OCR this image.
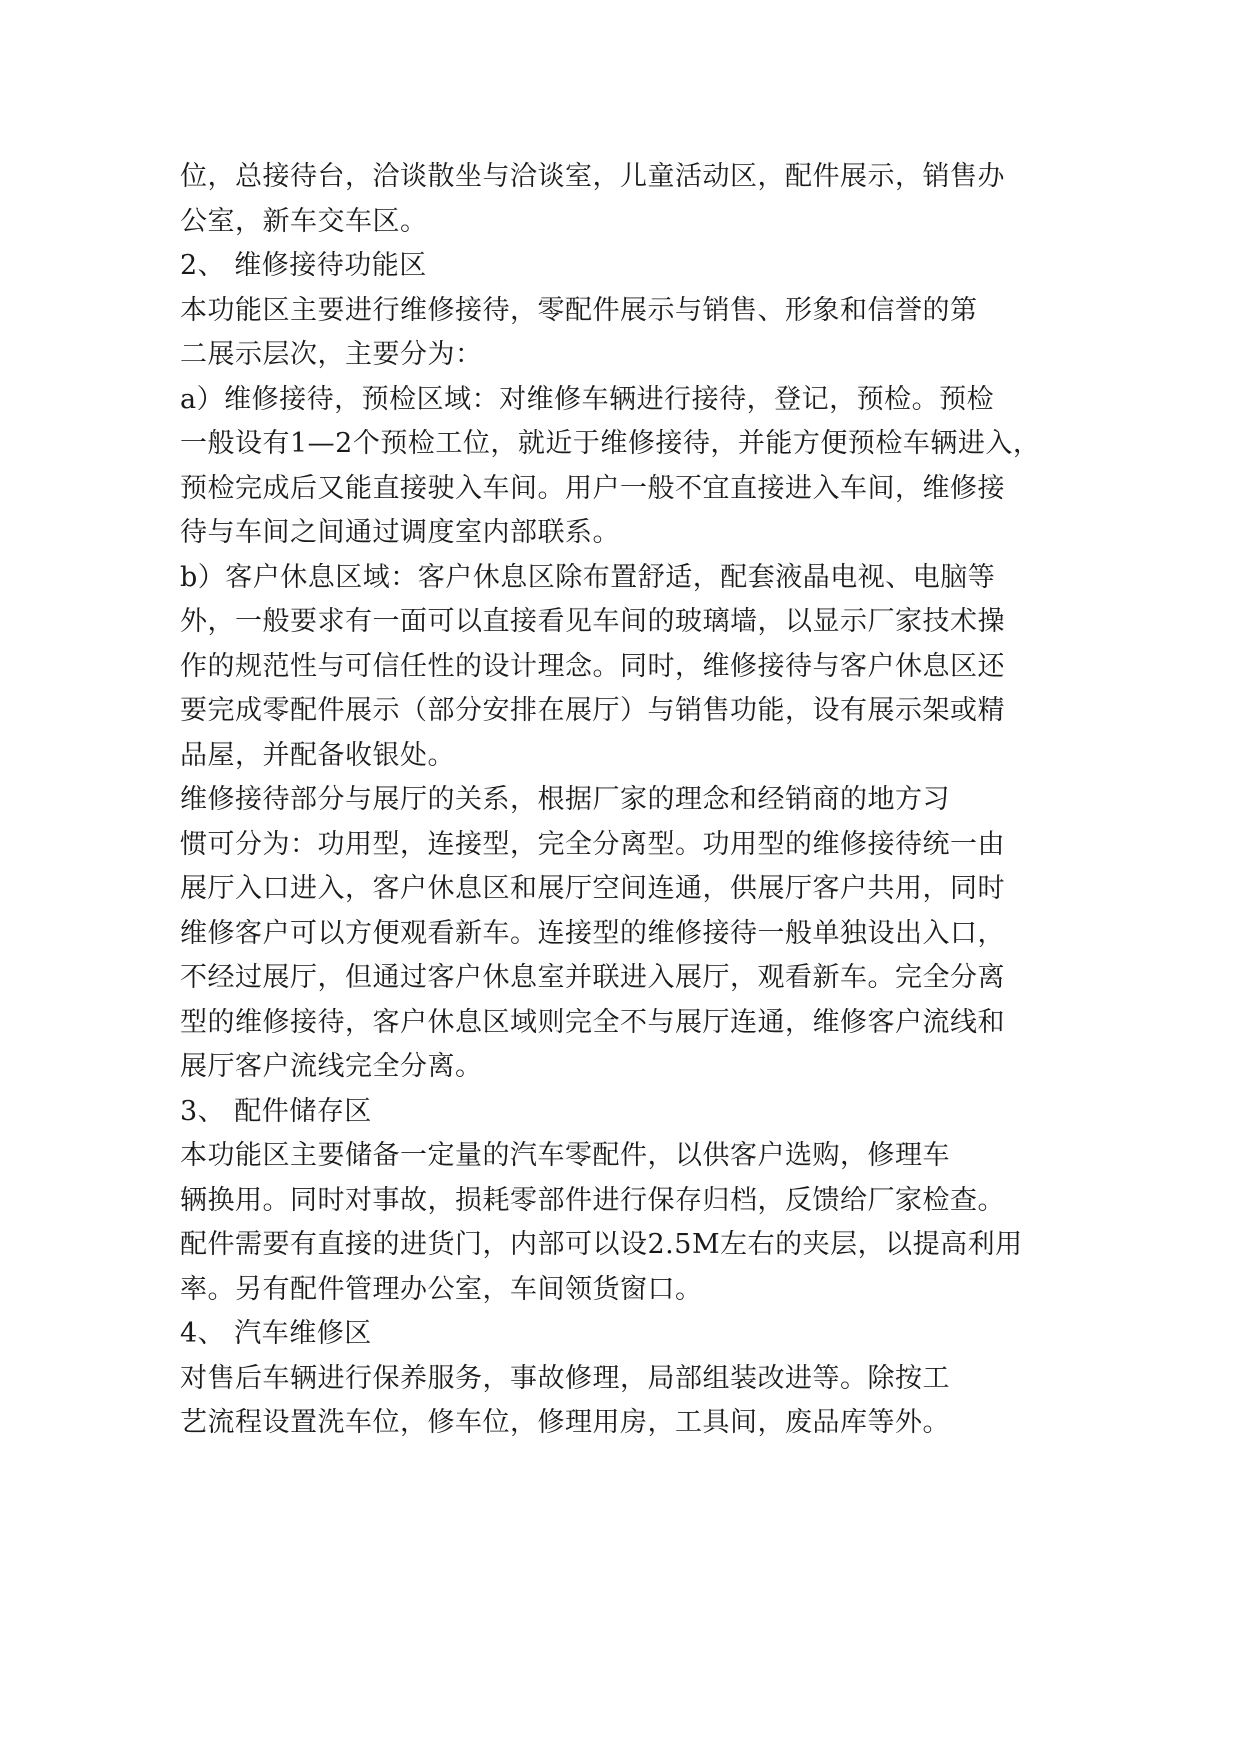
位，总接待台，洽谈散坐与洽谈室，儿童活动区，配件展示，销售办
公室，新车交车区。
2、 维修接待功能区
本功能区主要进行维修接待，零配件展示与销售、形象和信誉的第
二展示层次，主要分为：
a）维修接待，预检区域：对维修车辆进行接待，登记，预检。预检
一般设有1—2个预检工位，就近于维修接待，并能方便预检车辆进入，
预检完成后又能直接驶入车间。用户一般不宜直接进入车间，维修接
待与车间之间通过调度室内部联系。
b）客户休息区域：客户休息区除布置舒适，配套液晶电视、电脑等
外，一般要求有一面可以直接看见车间的玻璃墙，以显示厂家技术操
作的规范性与可信任性的设计理念。同时，维修接待与客户休息区还
要完成零配件展示（部分安排在展厅）与销售功能，设有展示架或精
品屋，并配备收银处。
维修接待部分与展厅的关系，根据厂家的理念和经销商的地方习
惯可分为：功用型，连接型，完全分离型。功用型的维修接待统一由
展厅入口进入，客户休息区和展厅空间连通，供展厅客户共用，同时
维修客户可以方便观看新车。连接型的维修接待一般单独设出入口，
不经过展厅，但通过客户休息室并联进入展厅，观看新车。完全分离
型的维修接待，客户休息区域则完全不与展厅连通，维修客户流线和
展厅客户流线完全分离。
3、 配件储存区
本功能区主要储备一定量的汽车零配件，以供客户选购，修理车
辆换用。同时对事故，损耗零部件进行保存归档，反馈给厂家检查。
配件需要有直接的进货门，内部可以设2.5M左右的夹层，以提高利用
率。另有配件管理办公室，车间领货窗口。
4、 汽车维修区
对售后车辆进行保养服务，事故修理，局部组装改进等。除按工
艺流程设置洗车位，修车位，修理用房，工具间，废品库等外。
